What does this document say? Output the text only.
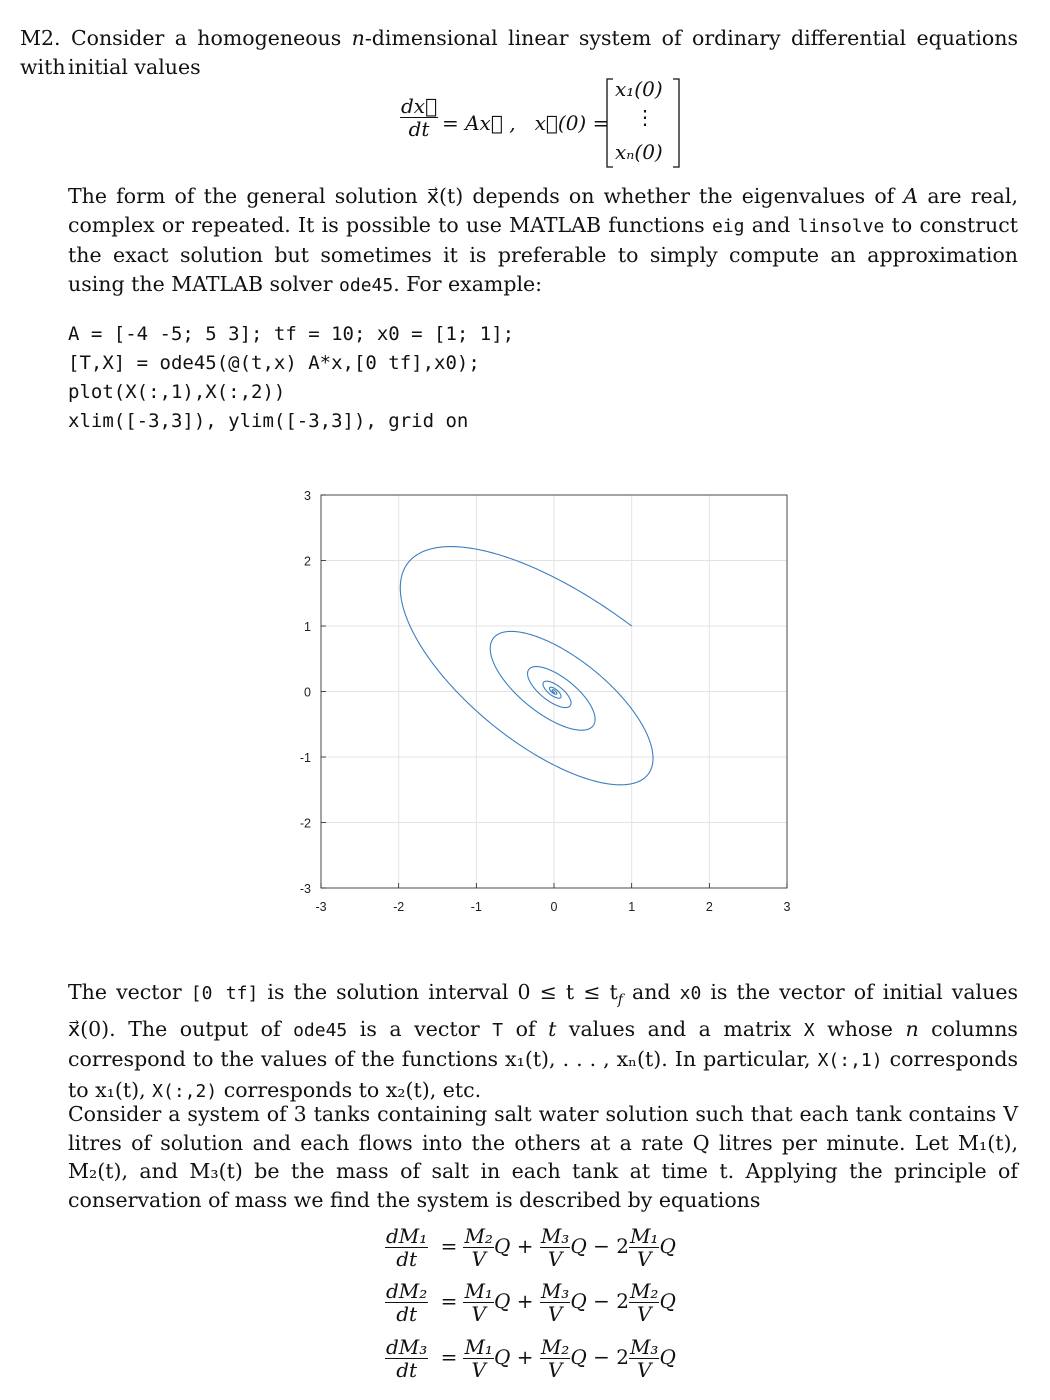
M2. Consider a homogeneous n-dimensional linear system of ordinary differential equations with initial values
$\frac{dx⃗}{dt}$ = Ax⃗ ,   x⃗(0) =
x₁(0)
⋮
xₙ(0)
The form of the general solution x⃗(t) depends on whether the eigenvalues of A are real, complex or repeated. It is possible to use MATLAB functions eig and linsolve to construct the exact solution but sometimes it is preferable to simply compute an approximation using the MATLAB solver ode45. For example:
A = [-4 -5; 5 3]; tf = 10; x0 = [1; 1];
[T,X] = ode45(@(t,x) A*x,[0 tf],x0);
plot(X(:,1),X(:,2))
xlim([-3,3]), ylim([-3,3]), grid on
-3	-2	-1	0	1	2	3
-3
-2
-1
0
1
2
3
The vector [0 tf] is the solution interval $0 \le t \le t_f$ and x0 is the vector of initial values x⃗(0). The output of ode45 is a vector T of t values and a matrix X whose n columns correspond to the values of the functions x₁(t), . . . , xₙ(t). In particular, X(:,1) corresponds to x₁(t), X(:,2) corresponds to x₂(t), etc.
Consider a system of 3 tanks containing salt water solution such that each tank contains V litres of solution and each flows into the others at a rate Q litres per minute. Let M₁(t), M₂(t), and M₃(t) be the mass of salt in each tank at time t. Applying the principle of conservation of mass we find the system is described by equations
$\frac{\text{dM₁}}{dt} = \frac{\text{M₂}}{V}$ $Q + \frac{\text{M₃}}{V}$ $Q - 2 \frac{\text{M₁}}{V}$ Q
$\frac{\text{dM₂}}{dt} = \frac{\text{M₁}}{V}$ $Q + \frac{\text{M₃}}{V}$ $Q - 2 \frac{\text{M₂}}{V}$ Q
$\frac{\text{dM₃}}{dt} = \frac{\text{M₁}}{V}$ $Q + \frac{\text{M₂}}{V}$ $Q - 2 \frac{\text{M₃}}{V}$ Q
